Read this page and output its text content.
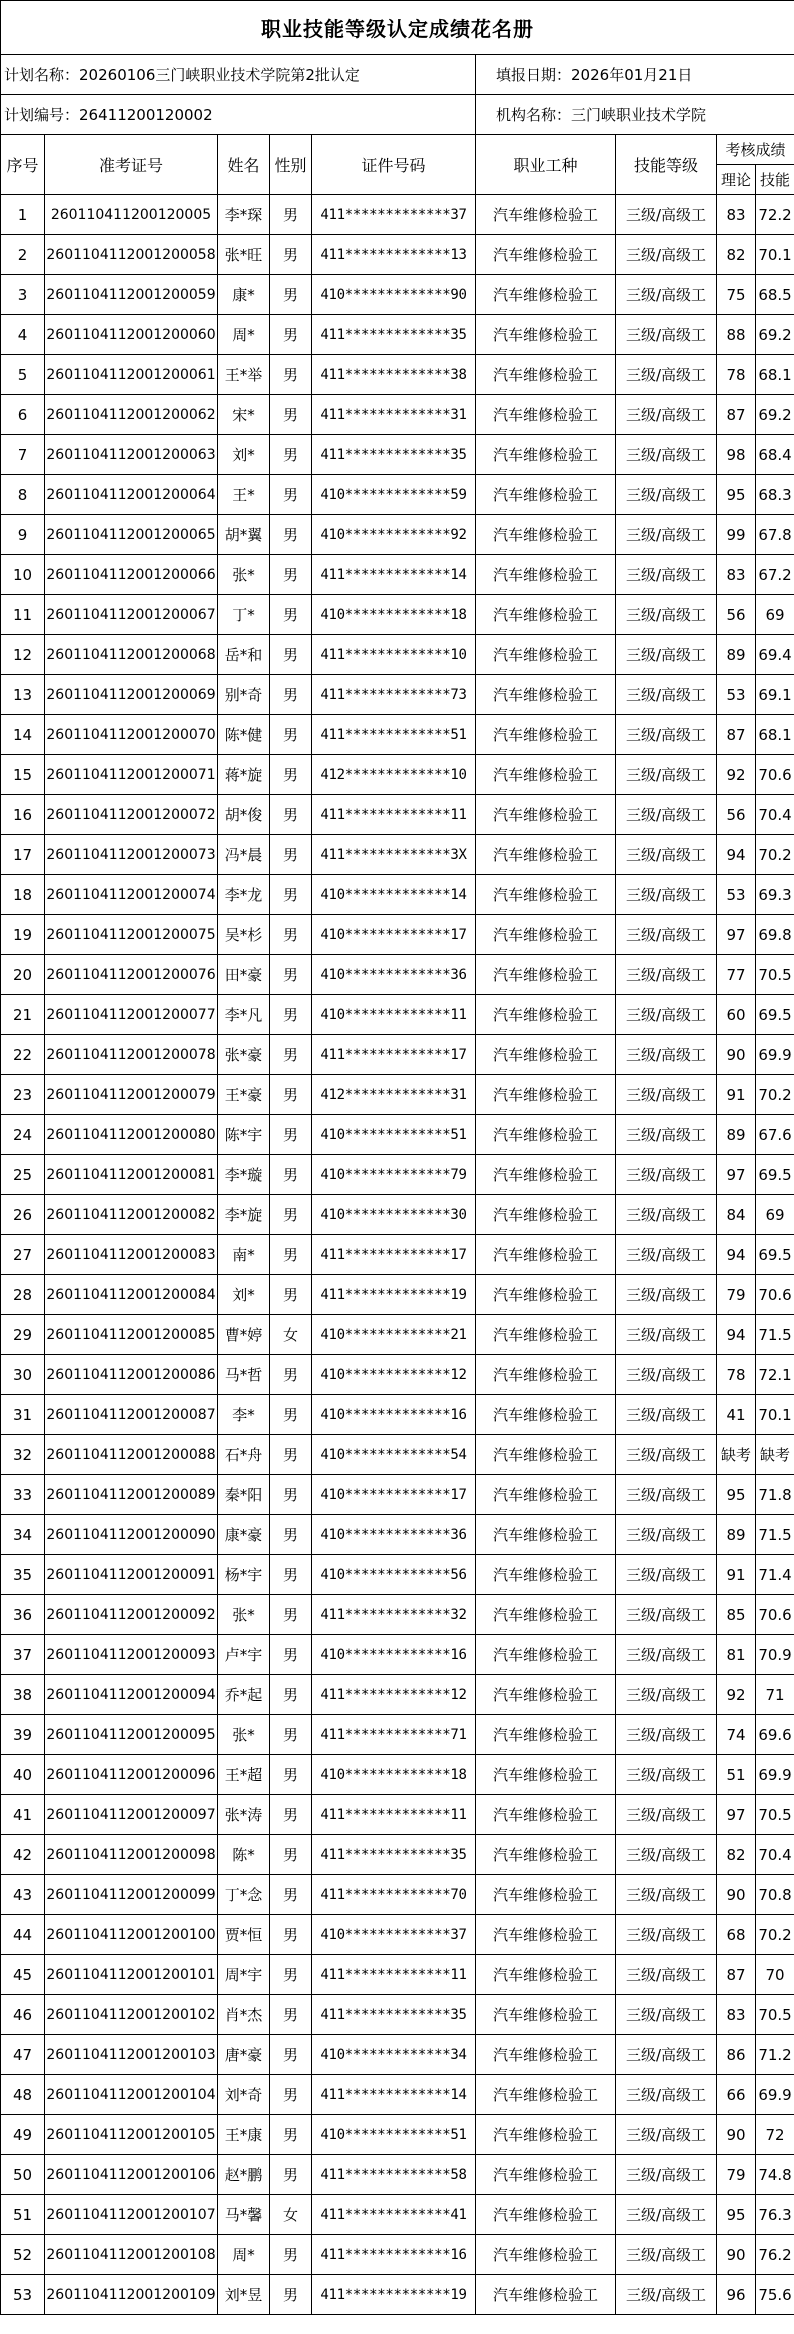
职业技能等级认定成绩花名册								
计划名称：20260106三门峡职业技术学院第2批认定					填报日期：2026年01月21日			
计划编号：26411200120002					机构名称：三门峡职业技术学院			
序号	准考证号	姓名	性别	证件号码	职业工种	技能等级	考核成绩	
							理论	技能
1	260110411200120005	李*琛	男	411*************37	汽车维修检验工	三级/高级工	83	72.2
2	2601104112001200058	张*旺	男	411*************13	汽车维修检验工	三级/高级工	82	70.1
3	2601104112001200059	康*	男	410*************90	汽车维修检验工	三级/高级工	75	68.5
4	2601104112001200060	周*	男	411*************35	汽车维修检验工	三级/高级工	88	69.2
5	2601104112001200061	王*举	男	411*************38	汽车维修检验工	三级/高级工	78	68.1
6	2601104112001200062	宋*	男	411*************31	汽车维修检验工	三级/高级工	87	69.2
7	2601104112001200063	刘*	男	411*************35	汽车维修检验工	三级/高级工	98	68.4
8	2601104112001200064	王*	男	410*************59	汽车维修检验工	三级/高级工	95	68.3
9	2601104112001200065	胡*翼	男	410*************92	汽车维修检验工	三级/高级工	99	67.8
10	2601104112001200066	张*	男	411*************14	汽车维修检验工	三级/高级工	83	67.2
11	2601104112001200067	丁*	男	410*************18	汽车维修检验工	三级/高级工	56	69
12	2601104112001200068	岳*和	男	411*************10	汽车维修检验工	三级/高级工	89	69.4
13	2601104112001200069	别*奇	男	411*************73	汽车维修检验工	三级/高级工	53	69.1
14	2601104112001200070	陈*健	男	411*************51	汽车维修检验工	三级/高级工	87	68.1
15	2601104112001200071	蒋*旋	男	412*************10	汽车维修检验工	三级/高级工	92	70.6
16	2601104112001200072	胡*俊	男	411*************11	汽车维修检验工	三级/高级工	56	70.4
17	2601104112001200073	冯*晨	男	411*************3X	汽车维修检验工	三级/高级工	94	70.2
18	2601104112001200074	李*龙	男	410*************14	汽车维修检验工	三级/高级工	53	69.3
19	2601104112001200075	吴*杉	男	410*************17	汽车维修检验工	三级/高级工	97	69.8
20	2601104112001200076	田*豪	男	410*************36	汽车维修检验工	三级/高级工	77	70.5
21	2601104112001200077	李*凡	男	410*************11	汽车维修检验工	三级/高级工	60	69.5
22	2601104112001200078	张*豪	男	411*************17	汽车维修检验工	三级/高级工	90	69.9
23	2601104112001200079	王*豪	男	412*************31	汽车维修检验工	三级/高级工	91	70.2
24	2601104112001200080	陈*宇	男	410*************51	汽车维修检验工	三级/高级工	89	67.6
25	2601104112001200081	李*璇	男	410*************79	汽车维修检验工	三级/高级工	97	69.5
26	2601104112001200082	李*旋	男	410*************30	汽车维修检验工	三级/高级工	84	69
27	2601104112001200083	南*	男	411*************17	汽车维修检验工	三级/高级工	94	69.5
28	2601104112001200084	刘*	男	411*************19	汽车维修检验工	三级/高级工	79	70.6
29	2601104112001200085	曹*婷	女	410*************21	汽车维修检验工	三级/高级工	94	71.5
30	2601104112001200086	马*哲	男	410*************12	汽车维修检验工	三级/高级工	78	72.1
31	2601104112001200087	李*	男	410*************16	汽车维修检验工	三级/高级工	41	70.1
32	2601104112001200088	石*舟	男	410*************54	汽车维修检验工	三级/高级工	缺考	缺考
33	2601104112001200089	秦*阳	男	410*************17	汽车维修检验工	三级/高级工	95	71.8
34	2601104112001200090	康*豪	男	410*************36	汽车维修检验工	三级/高级工	89	71.5
35	2601104112001200091	杨*宇	男	410*************56	汽车维修检验工	三级/高级工	91	71.4
36	2601104112001200092	张*	男	411*************32	汽车维修检验工	三级/高级工	85	70.6
37	2601104112001200093	卢*宇	男	410*************16	汽车维修检验工	三级/高级工	81	70.9
38	2601104112001200094	乔*起	男	411*************12	汽车维修检验工	三级/高级工	92	71
39	2601104112001200095	张*	男	411*************71	汽车维修检验工	三级/高级工	74	69.6
40	2601104112001200096	王*超	男	410*************18	汽车维修检验工	三级/高级工	51	69.9
41	2601104112001200097	张*涛	男	411*************11	汽车维修检验工	三级/高级工	97	70.5
42	2601104112001200098	陈*	男	411*************35	汽车维修检验工	三级/高级工	82	70.4
43	2601104112001200099	丁*念	男	411*************70	汽车维修检验工	三级/高级工	90	70.8
44	2601104112001200100	贾*恒	男	410*************37	汽车维修检验工	三级/高级工	68	70.2
45	2601104112001200101	周*宇	男	411*************11	汽车维修检验工	三级/高级工	87	70
46	2601104112001200102	肖*杰	男	411*************35	汽车维修检验工	三级/高级工	83	70.5
47	2601104112001200103	唐*豪	男	410*************34	汽车维修检验工	三级/高级工	86	71.2
48	2601104112001200104	刘*奇	男	411*************14	汽车维修检验工	三级/高级工	66	69.9
49	2601104112001200105	王*康	男	410*************51	汽车维修检验工	三级/高级工	90	72
50	2601104112001200106	赵*鹏	男	411*************58	汽车维修检验工	三级/高级工	79	74.8
51	2601104112001200107	马*馨	女	411*************41	汽车维修检验工	三级/高级工	95	76.3
52	2601104112001200108	周*	男	411*************16	汽车维修检验工	三级/高级工	90	76.2
53	2601104112001200109	刘*昱	男	411*************19	汽车维修检验工	三级/高级工	96	75.6
